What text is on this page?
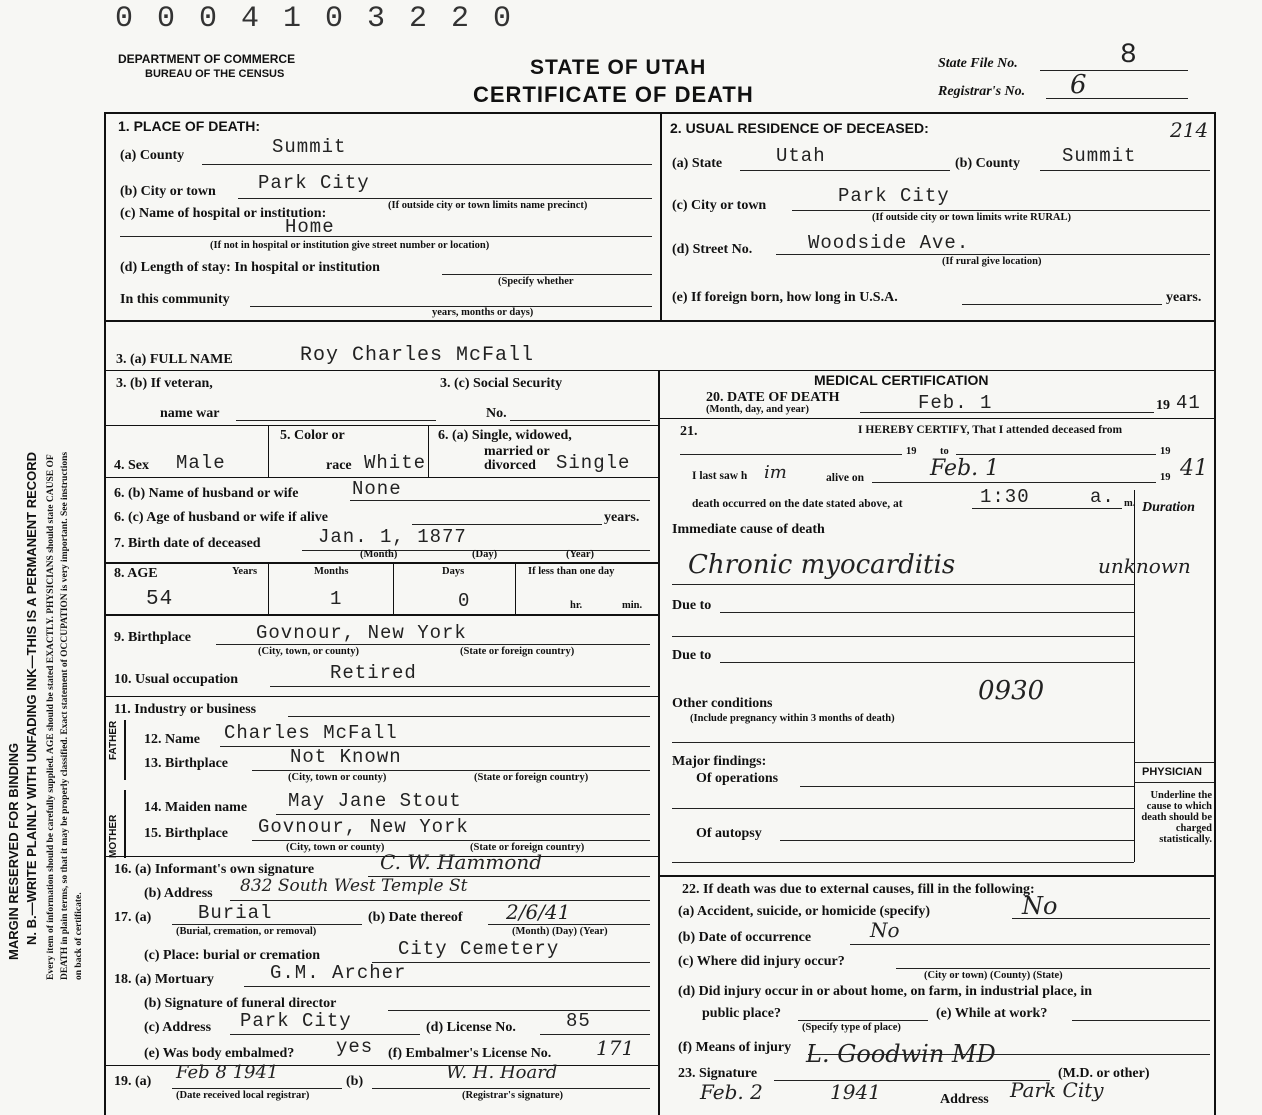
MARGIN RESERVED FOR BINDING N. B.—WRITE PLAINLY WITH UNFADING INK—THIS IS A PERMANENT RECORD Every item of information should be carefully supplied. AGE should be stated EXACTLY. PHYSICIANS should state CAUSE OF DEATH in plain terms, so that it may be properly classified. Exact statement of OCCUPATION is very important. See instructions on back of certificate.
0 0 0 4 1 0 3 2 2 0
DEPARTMENT OF COMMERCE
BUREAU OF THE CENSUS	STATE OF UTAH
CERTIFICATE OF DEATH
State File No.	8
Registrar's No. 6
214
1. PLACE OF DEATH:
(a) County	Summit
(b) City or town Park City
(c) Name of hospital or institution:
(If outside city or town limits name precinct)
Home
(If not in hospital or institution give street number or location)
(d) Length of stay: In hospital or institution
(Specify whether
In this community
years, months or days)
2. USUAL RESIDENCE OF DECEASED:
(a) State	Utah	(b) County Summit
(c) City or town	Park City
(If outside city or town limits write RURAL)
(d) Street No.	Woodside Ave.
(If rural give location)
(e) If foreign born, how long in U.S.A.	years.
3. (a) FULL NAME	Roy Charles McFall
3. (b) If veteran,
name war
3. (c) Social Security
No.
4. Sex Male
5. Color or
race White
6. (a) Single, widowed,
married or
divorced Single
6. (b) Name of husband or wife	None
6. (c) Age of husband or wife if alive	years.
7. Birth date of deceased	Jan. 1, 1877
(Month)	(Day)	(Year)
8. AGE	Years	Months	Days	If less than one day
54	1	0	hr.	min.
9. Birthplace	Govnour, New York
(City, town, or county)	(State or foreign country)
10. Usual occupation	Retired
11. Industry or business
FATHER 12. Name Charles McFall
13. Birthplace	Not Known
(City, town or county)	(State or foreign country)
MOTHER
14. Maiden name May Jane Stout
15. Birthplace Govnour, New York
(City, town or county)	(State or foreign country)
16. (a) Informant's own signature	C. W. Hammond
(b) Address 832 South West Temple St
17. (a) Burial
(Burial, cremation, or removal)
(b) Date thereof 2/6/41
(Month) (Day) (Year)
(c) Place: burial or cremation	City Cemetery
18. (a) Mortuary	G.M. Archer
(b) Signature of funeral director
(c) Address Park City	(d) License No.	85
(e) Was body embalmed? yes (f) Embalmer's License No. 171
19. (a) Feb 8 1941	(b)	W. H. Hoard
(Date received local registrar)	(Registrar's signature)
MEDICAL CERTIFICATION
20. DATE OF DEATH
(Month, day, and year)	Feb. 1	19 41
21.	I HEREBY CERTIFY, That I attended deceased from
19 to	19
I last saw h im	alive on	Feb. 1	19 41
death occurred on the date stated above, at	1:30	a. m. Duration
Immediate cause of death
Chronic myocarditis	unknown
Due to
Due to
0930
Other conditions
(Include pregnancy within 3 months of death)
Major findings:
Of operations
Of autopsy
PHYSICIAN
Underline the cause to which death should be charged statistically.
22. If death was due to external causes, fill in the following:
(a) Accident, suicide, or homicide (specify)	No
(b) Date of occurrence	No
(c) Where did injury occur?
(City or town) (County) (State)
(d) Did injury occur in or about home, on farm, in industrial place, in
public place?
(Specify type of place)
(e) While at work?
(f) Means of injury
23. Signature
L. Goodwin MD
(M.D. or other)
Feb. 2	1941	Address Park City
